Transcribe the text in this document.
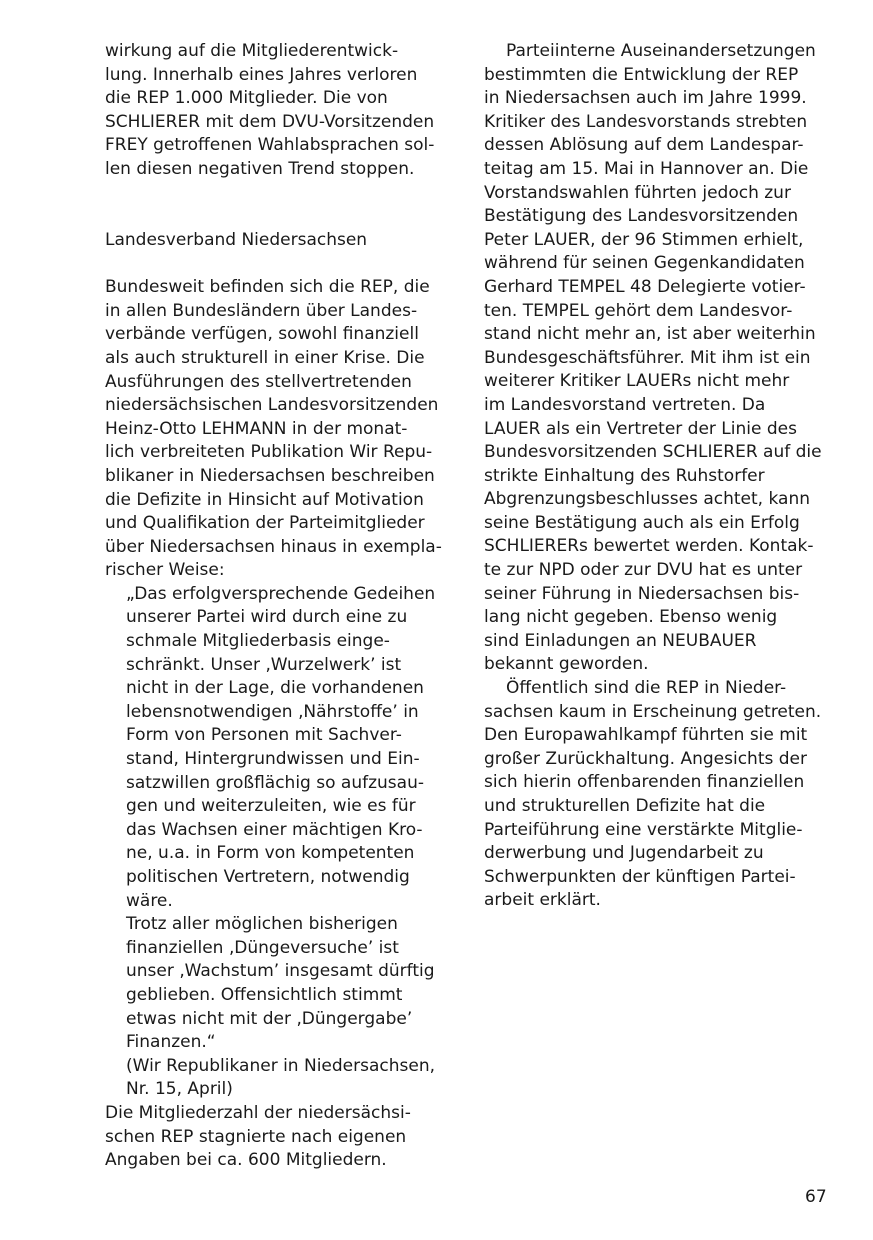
wirkung auf die Mitgliederentwick-
lung. Innerhalb eines Jahres verloren
die REP 1.000 Mitglieder. Die von
SCHLIERER mit dem DVU-Vorsitzenden
FREY getroffenen Wahlabsprachen sol-
len diesen negativen Trend stoppen.
Landesverband Niedersachsen
Bundesweit befinden sich die REP, die
in allen Bundesländern über Landes-
verbände verfügen, sowohl finanziell
als auch strukturell in einer Krise. Die
Ausführungen des stellvertretenden
niedersächsischen Landesvorsitzenden
Heinz-Otto LEHMANN in der monat-
lich verbreiteten Publikation Wir Repu-
blikaner in Niedersachsen beschreiben
die Defizite in Hinsicht auf Motivation
und Qualifikation der Parteimitglieder
über Niedersachsen hinaus in exempla-
rischer Weise:
„Das erfolgversprechende Gedeihen
unserer Partei wird durch eine zu
schmale Mitgliederbasis einge-
schränkt. Unser ‚Wurzelwerk’ ist
nicht in der Lage, die vorhandenen
lebensnotwendigen ‚Nährstoffe’ in
Form von Personen mit Sachver-
stand, Hintergrundwissen und Ein-
satzwillen großflächig so aufzusau-
gen und weiterzuleiten, wie es für
das Wachsen einer mächtigen Kro-
ne, u.a. in Form von kompetenten
politischen Vertretern, notwendig
wäre.
Trotz aller möglichen bisherigen
finanziellen ‚Düngeversuche’ ist
unser ‚Wachstum’ insgesamt dürftig
geblieben. Offensichtlich stimmt
etwas nicht mit der ‚Düngergabe’
Finanzen.“
(Wir Republikaner in Niedersachsen,
Nr. 15, April)
Die Mitgliederzahl der niedersächsi-
schen REP stagnierte nach eigenen
Angaben bei ca. 600 Mitgliedern.
Parteiinterne Auseinandersetzungen
bestimmten die Entwicklung der REP
in Niedersachsen auch im Jahre 1999.
Kritiker des Landesvorstands strebten
dessen Ablösung auf dem Landespar-
teitag am 15. Mai in Hannover an. Die
Vorstandswahlen führten jedoch zur
Bestätigung des Landesvorsitzenden
Peter LAUER, der 96 Stimmen erhielt,
während für seinen Gegenkandidaten
Gerhard TEMPEL 48 Delegierte votier-
ten. TEMPEL gehört dem Landesvor-
stand nicht mehr an, ist aber weiterhin
Bundesgeschäftsführer. Mit ihm ist ein
weiterer Kritiker LAUERs nicht mehr
im Landesvorstand vertreten. Da
LAUER als ein Vertreter der Linie des
Bundesvorsitzenden SCHLIERER auf die
strikte Einhaltung des Ruhstorfer
Abgrenzungsbeschlusses achtet, kann
seine Bestätigung auch als ein Erfolg
SCHLIERERs bewertet werden. Kontak-
te zur NPD oder zur DVU hat es unter
seiner Führung in Niedersachsen bis-
lang nicht gegeben. Ebenso wenig
sind Einladungen an NEUBAUER
bekannt geworden.
Öffentlich sind die REP in Nieder-
sachsen kaum in Erscheinung getreten.
Den Europawahlkampf führten sie mit
großer Zurückhaltung. Angesichts der
sich hierin offenbarenden finanziellen
und strukturellen Defizite hat die
Parteiführung eine verstärkte Mitglie-
derwerbung und Jugendarbeit zu
Schwerpunkten der künftigen Partei-
arbeit erklärt.
67
